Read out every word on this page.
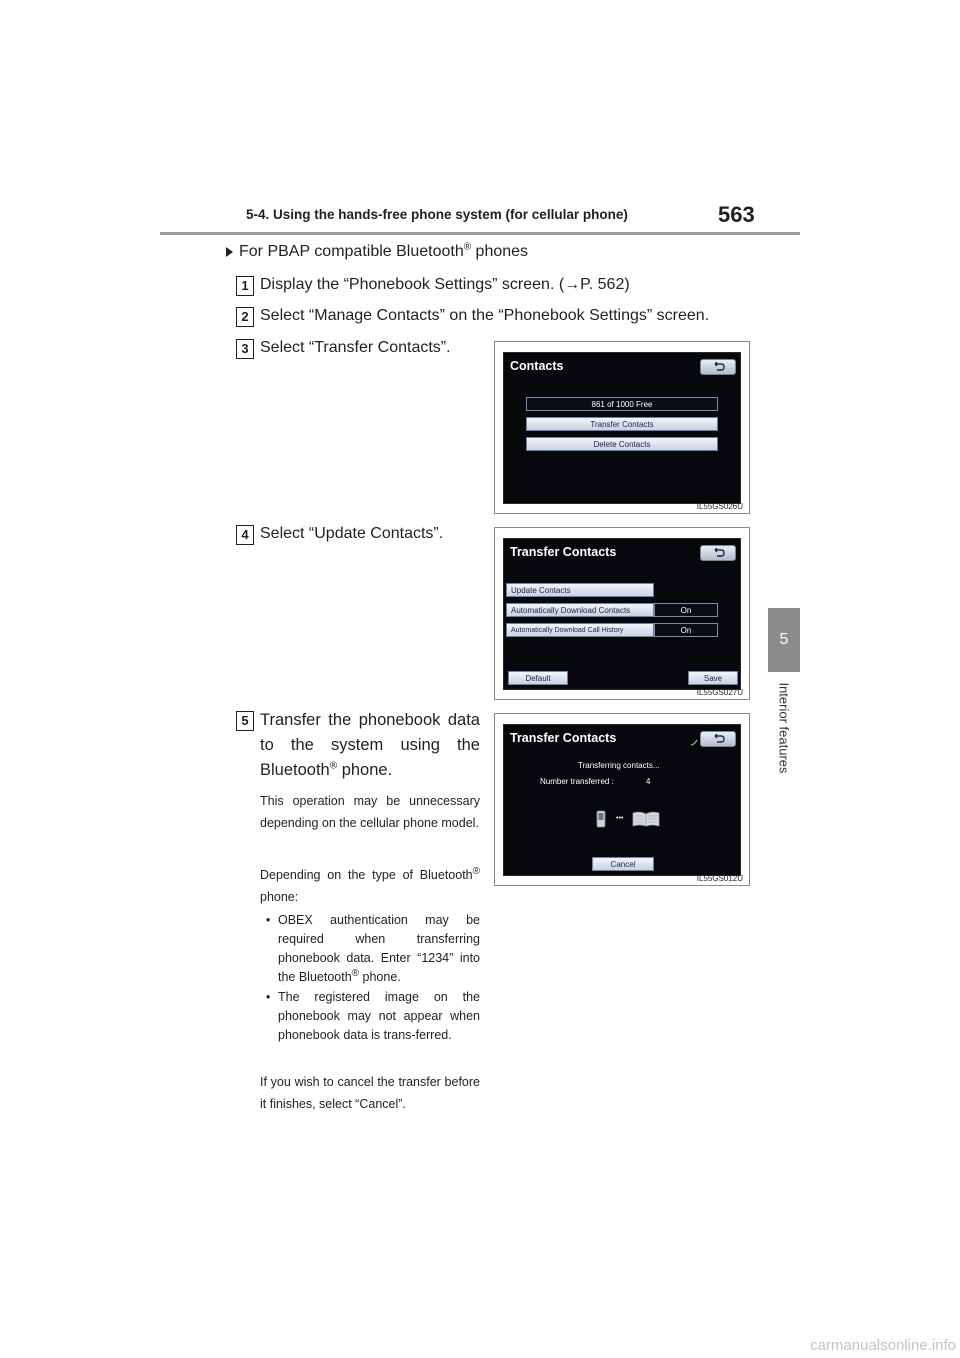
5-4. Using the hands-free phone system (for cellular phone)	563
5
Interior features
For PBAP compatible Bluetooth® phones
1 Display the “Phonebook Settings” screen. (→P. 562)
2 Select “Manage Contacts” on the “Phonebook Settings” screen.
3 Select “Transfer Contacts”.
4 Select “Update Contacts”.
5 Transfer the phonebook data to the system using the Bluetooth® phone.
This operation may be unnecessary depending on the cellular phone model.
Depending on the type of Bluetooth® phone:
• OBEX authentication may be required when transferring phonebook data. Enter “1234” into the Bluetooth® phone.
• The registered image on the phonebook may not appear when phonebook data is trans-ferred.
If you wish to cancel the transfer before it finishes, select “Cancel”.
Contacts
861 of 1000 Free
Transfer Contacts
Delete Contacts
IL55GS026U
Transfer Contacts
Update Contacts
Automatically Download Contacts	On
Automatically Download Call History	On
Default	Save
IL55GS027U
Transfer Contacts
Transferring contacts...
Number transferred :	4
•••
Cancel
IL55GS012U
carmanualsonline.info
